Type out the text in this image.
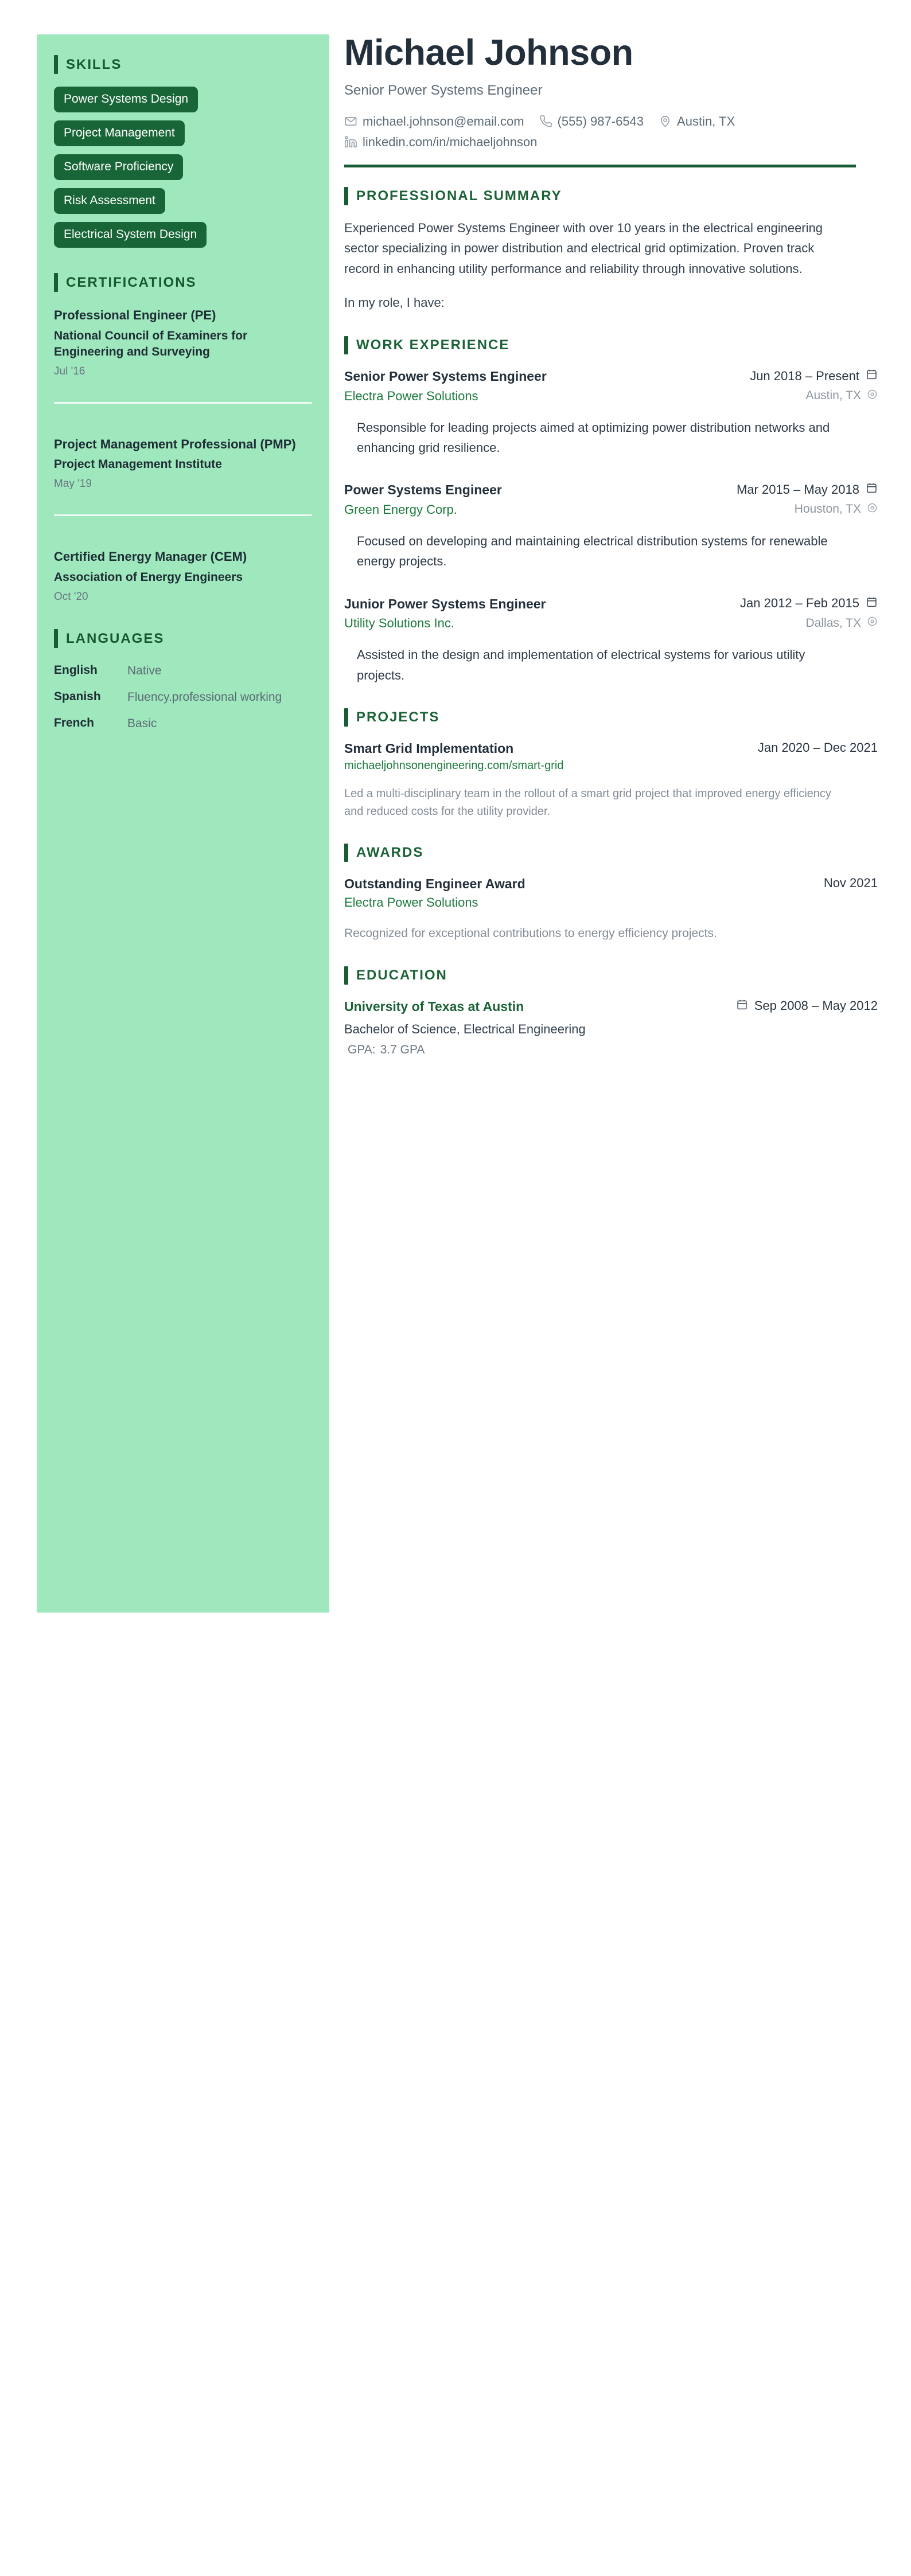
SKILLS
Power Systems Design
Project Management
Software Proficiency
Risk Assessment
Electrical System Design
CERTIFICATIONS
Professional Engineer (PE)
National Council of Examiners for Engineering and Surveying
Jul '16
Project Management Professional (PMP)
Project Management Institute
May '19
Certified Energy Manager (CEM)
Association of Energy Engineers
Oct '20
LANGUAGES
English	Native
Spanish	Fluency.professional working
French	Basic
Michael Johnson
Senior Power Systems Engineer
michael.johnson@email.com	(555) 987-6543	Austin, TX
linkedin.com/in/michaeljohnson
PROFESSIONAL SUMMARY

Experienced Power Systems Engineer with over 10 years in the electrical engineering sector specializing in power distribution and electrical grid optimization. Proven track record in enhancing utility performance and reliability through innovative solutions.

In my role, I have:

WORK EXPERIENCE
Senior Power Systems Engineer	Jun 2018 – Present
Electra Power Solutions	Austin, TX
Responsible for leading projects aimed at optimizing power distribution networks and enhancing grid resilience.
Power Systems Engineer	Mar 2015 – May 2018
Green Energy Corp.	Houston, TX
Focused on developing and maintaining electrical distribution systems for renewable energy projects.
Junior Power Systems Engineer	Jan 2012 – Feb 2015
Utility Solutions Inc.	Dallas, TX
Assisted in the design and implementation of electrical systems for various utility projects.
PROJECTS
Smart Grid Implementation	Jan 2020 – Dec 2021
michaeljohnsonengineering.com/smart-grid
Led a multi-disciplinary team in the rollout of a smart grid project that improved energy efficiency and reduced costs for the utility provider.
AWARDS
Outstanding Engineer Award	Nov 2021
Electra Power Solutions
Recognized for exceptional contributions to energy efficiency projects.
EDUCATION
University of Texas at Austin	Sep 2008 – May 2012
Bachelor of Science, Electrical Engineering
GPA: 3.7 GPA
